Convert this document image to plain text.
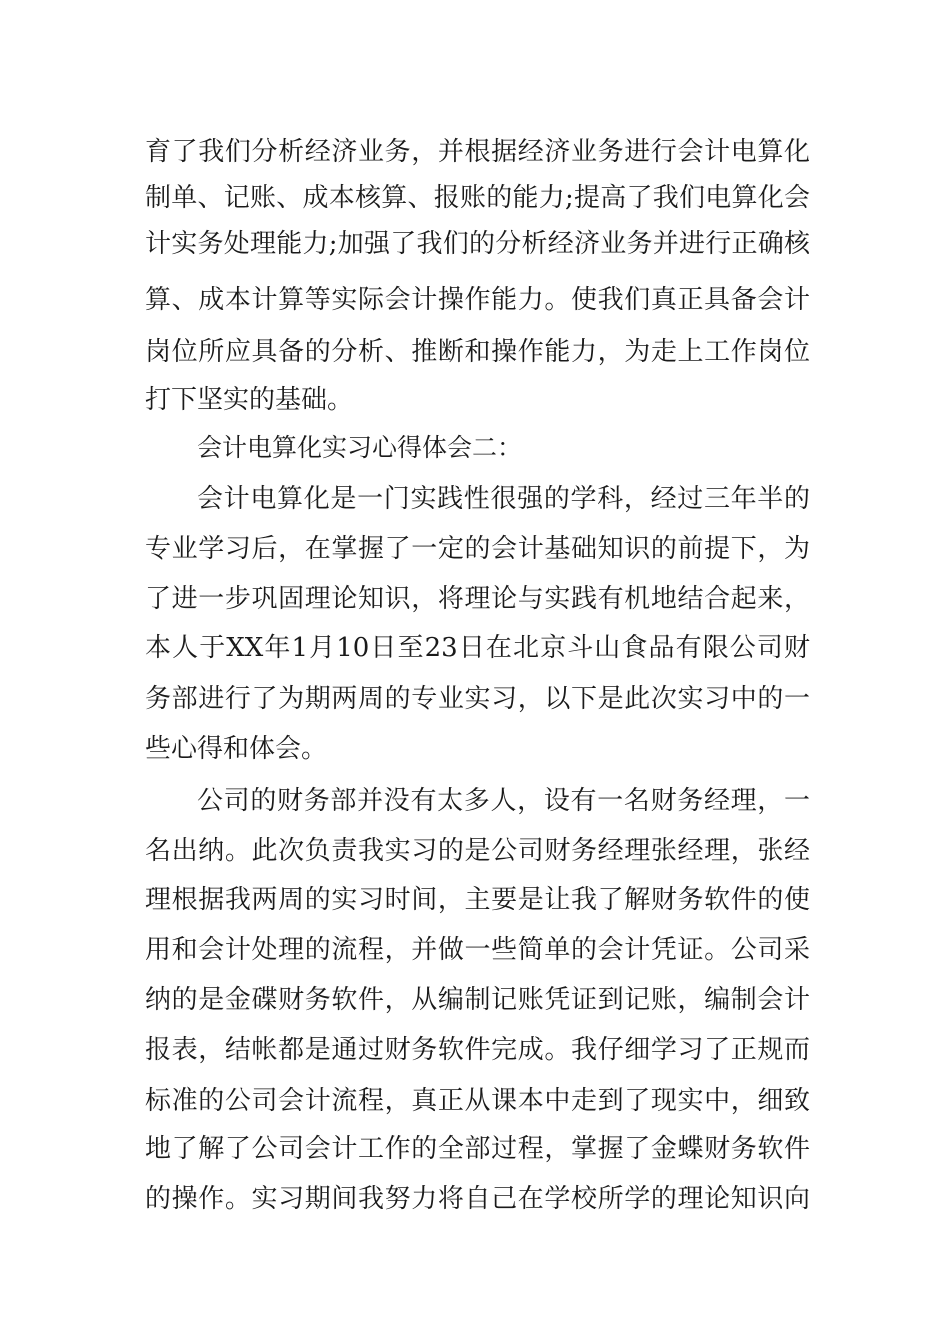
育了我们分析经济业务，并根据经济业务进行会计电算化
制单、记账、成本核算、报账的能力;提高了我们电算化会
计实务处理能力;加强了我们的分析经济业务并进行正确核
算、成本计算等实际会计操作能力。使我们真正具备会计
岗位所应具备的分析、推断和操作能力，为走上工作岗位
打下坚实的基础。
会计电算化实习心得体会二：
会计电算化是一门实践性很强的学科，经过三年半的
专业学习后，在掌握了一定的会计基础知识的前提下，为
了进一步巩固理论知识，将理论与实践有机地结合起来，
本人于XX年1月10日至23日在北京斗山食品有限公司财
务部进行了为期两周的专业实习，以下是此次实习中的一
些心得和体会。
公司的财务部并没有太多人，设有一名财务经理，一
名出纳。此次负责我实习的是公司财务经理张经理，张经
理根据我两周的实习时间，主要是让我了解财务软件的使
用和会计处理的流程，并做一些简单的会计凭证。公司采
纳的是金碟财务软件，从编制记账凭证到记账，编制会计
报表，结帐都是通过财务软件完成。我仔细学习了正规而
标准的公司会计流程，真正从课本中走到了现实中，细致
地了解了公司会计工作的全部过程，掌握了金蝶财务软件
的操作。实习期间我努力将自己在学校所学的理论知识向
